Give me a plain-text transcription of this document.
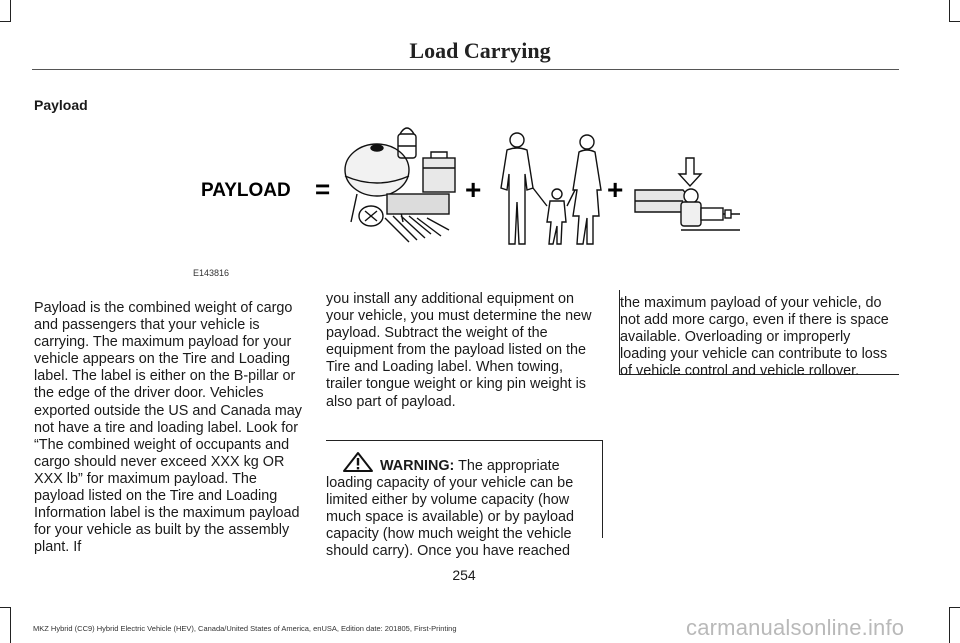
Load Carrying
Payload
PAYLOAD =	+	+
E143816
Payload is the combined weight of cargo and passengers that your vehicle is carrying. The maximum payload for your vehicle appears on the Tire and Loading label. The label is either on the B-pillar or the edge of the driver door. Vehicles exported outside the US and Canada may not have a tire and loading label. Look for “The combined weight of occupants and cargo should never exceed XXX kg OR XXX lb” for maximum payload. The payload listed on the Tire and Loading Information label is the maximum payload for your vehicle as built by the assembly plant. If
you install any additional equipment on your vehicle, you must determine the new payload. Subtract the weight of the equipment from the payload listed on the Tire and Loading label. When towing, trailer tongue weight or king pin weight is also part of payload.
WARNING: The appropriate loading capacity of your vehicle can be limited either by volume capacity (how much space is available) or by payload capacity (how much weight the vehicle should carry). Once you have reached
the maximum payload of your vehicle, do not add more cargo, even if there is space available. Overloading or improperly loading your vehicle can contribute to loss of vehicle control and vehicle rollover.
254
MKZ Hybrid (CC9) Hybrid Electric Vehicle (HEV), Canada/United States of America, enUSA, Edition date: 201805, First-Printing	carmanualsonline.info
